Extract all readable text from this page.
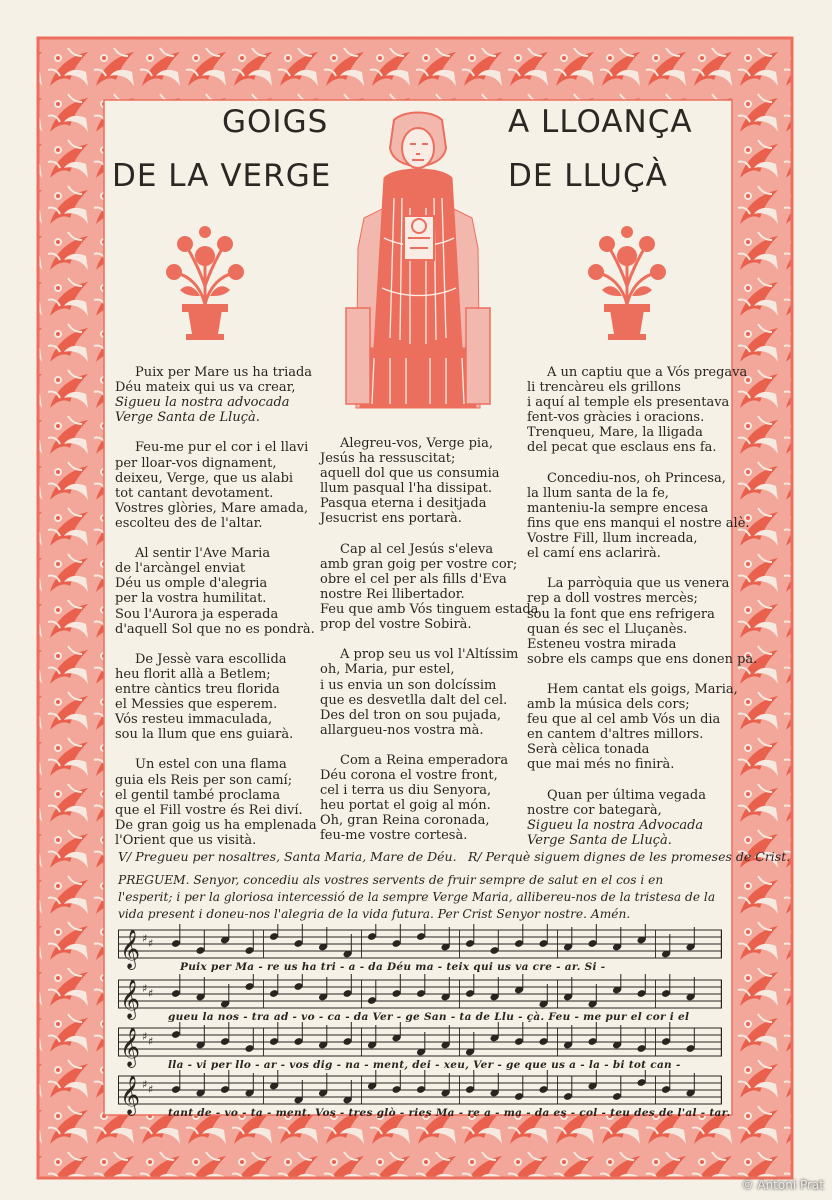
GOIGS	A LLOANÇA
DE LA VERGE	DE LLUÇÀ
Puix per Mare us ha triada
Déu mateix qui us va crear,
Sigueu la nostra advocada
Verge Santa de Lluçà.

Feu-me pur el cor i el llavi
per lloar-vos dignament,
deixeu, Verge, que us alabi
tot cantant devotament.
Vostres glòries, Mare amada,
escolteu des de l'altar.

Al sentir l'Ave Maria
de l'arcàngel enviat
Déu us omple d'alegria
per la vostra humilitat.
Sou l'Aurora ja esperada
d'aquell Sol que no es pondrà.

De Jessè vara escollida
heu florit allà a Betlem;
entre càntics treu florida
el Messies que esperem.
Vós resteu immaculada,
sou la llum que ens guiarà.

Un estel con una flama
guia els Reis per son camí;
el gentil també proclama
que el Fill vostre és Rei diví.
De gran goig us ha emplenada
l'Orient que us visità.
Alegreu-vos, Verge pia,
Jesús ha ressuscitat;
aquell dol que us consumia
llum pasqual l'ha dissipat.
Pasqua eterna i desitjada
Jesucrist ens portarà.

Cap al cel Jesús s'eleva
amb gran goig per vostre cor;
obre el cel per als fills d'Eva
nostre Rei llibertador.
Feu que amb Vós tinguem estada
prop del vostre Sobirà.

A prop seu us vol l'Altíssim
oh, Maria, pur estel,
i us envia un son dolcíssim
que es desvetlla dalt del cel.
Des del tron on sou pujada,
allargueu-nos vostra mà.

Com a Reina emperadora
Déu corona el vostre front,
cel i terra us diu Senyora,
heu portat el goig al món.
Oh, gran Reina coronada,
feu-me vostre cortesà.
A un captiu que a Vós pregava
li trencàreu els grillons
i aquí al temple els presentava
fent-vos gràcies i oracions.
Trenqueu, Mare, la lligada
del pecat que esclaus ens fa.

Concediu-nos, oh Princesa,
la llum santa de la fe,
manteniu-la sempre encesa
fins que ens manqui el nostre alè.
Vostre Fill, llum increada,
el camí ens aclarirà.

La parròquia que us venera
rep a doll vostres mercès;
sou la font que ens refrigera
quan és sec el Lluçanès.
Esteneu vostra mirada
sobre els camps que ens donen pa.

Hem cantat els goigs, Maria,
amb la música dels cors;
feu que al cel amb Vós un dia
en cantem d'altres millors.
Serà cèlica tonada
que mai més no finirà.

Quan per última vegada
nostre cor bategarà,
Sigueu la nostra Advocada
Verge Santa de Lluçà.
V/ Pregueu per nosaltres, Santa Maria, Mare de Déu. R/ Perquè siguem dignes de les promeses de Crist.
PREGUEM. Senyor, concediu als vostres servents de fruir sempre de salut en el cos i en l'esperit; i per la gloriosa intercessió de la sempre Verge Maria, allibereu-nos de la tristesa de la vida present i doneu-nos l'alegria de la vida futura. Per Crist Senyor nostre. Amén.
𝄞 ♯ ♯
Puix per Ma - re us ha tri - a - da Déu ma - teix qui us va cre - ar. Si -
𝄞 ♯ ♯
gueu la nos - tra ad - vo - ca - da Ver - ge San - ta de Llu - çà. Feu - me pur el cor i el
𝄞 ♯ ♯
lla - vi per llo - ar - vos dig - na - ment, dei - xeu, Ver - ge que us a - la - bi tot can -
𝄞 ♯ ♯
tant de - vo - ta - ment. Vos - tres glò - ries Ma - re a - ma - da es - col - teu des de l'al - tar.
© Antoni Prat
